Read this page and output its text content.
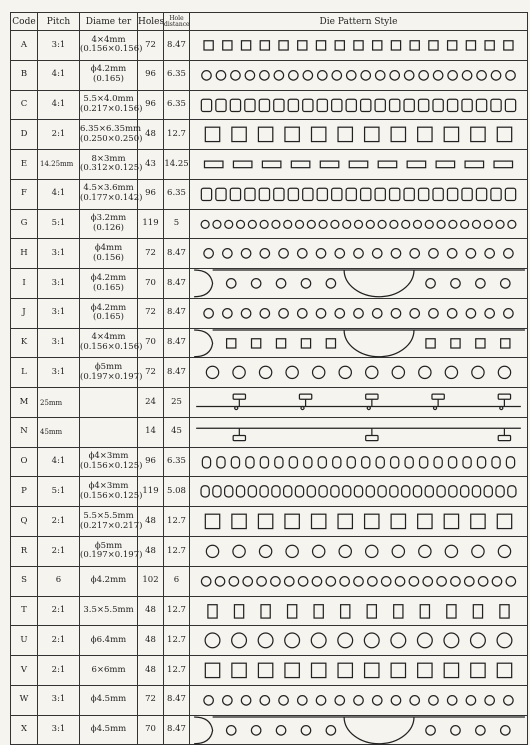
Code	Pitch	Diame ter	Holes	Hole
distance	Die Pattern Style
A	3:1	4×4mm
(0.156×0.156)	72	8.47	

B	4:1	ϕ4.2mm
(0.165)	96	6.35	

C	4:1	5.5×4.0mm
(0.217×0.156)	96	6.35	

D	2:1	6.35×6.35mm
(0.250×0.250)	48	12.7	

E	14.25mm	8×3mm
(0.312×0.125)	43	14.25	

F	4:1	4.5×3.6mm
(0.177×0.142)	96	6.35	

G	5:1	ϕ3.2mm
(0.126)	119	5	

H	3:1	ϕ4mm
(0.156)	72	8.47	

I	3:1	ϕ4.2mm
(0.165)	70	8.47	

J	3:1	ϕ4.2mm
(0.165)	72	8.47	

K	3:1	4×4mm
(0.156×0.156)	70	8.47	

L	3:1	ϕ5mm
(0.197×0.197)	72	8.47	

M	25mm		24	25	

N	45mm		14	45	

O	4:1	ϕ4×3mm
(0.156×0.125)	96	6.35	

P	5:1	ϕ4×3mm
(0.156×0.125)	119	5.08	

Q	2:1	5.5×5.5mm
(0.217×0.217)	48	12.7	

R	2:1	ϕ5mm
(0.197×0.197)	48	12.7	

S	6	ϕ4.2mm	102	6	

T	2:1	3.5×5.5mm	48	12.7	

U	2:1	ϕ6.4mm	48	12.7	

V	2:1	6×6mm	48	12.7	

W	3:1	ϕ4.5mm	72	8.47	

X	3:1	ϕ4.5mm	70	8.47	
